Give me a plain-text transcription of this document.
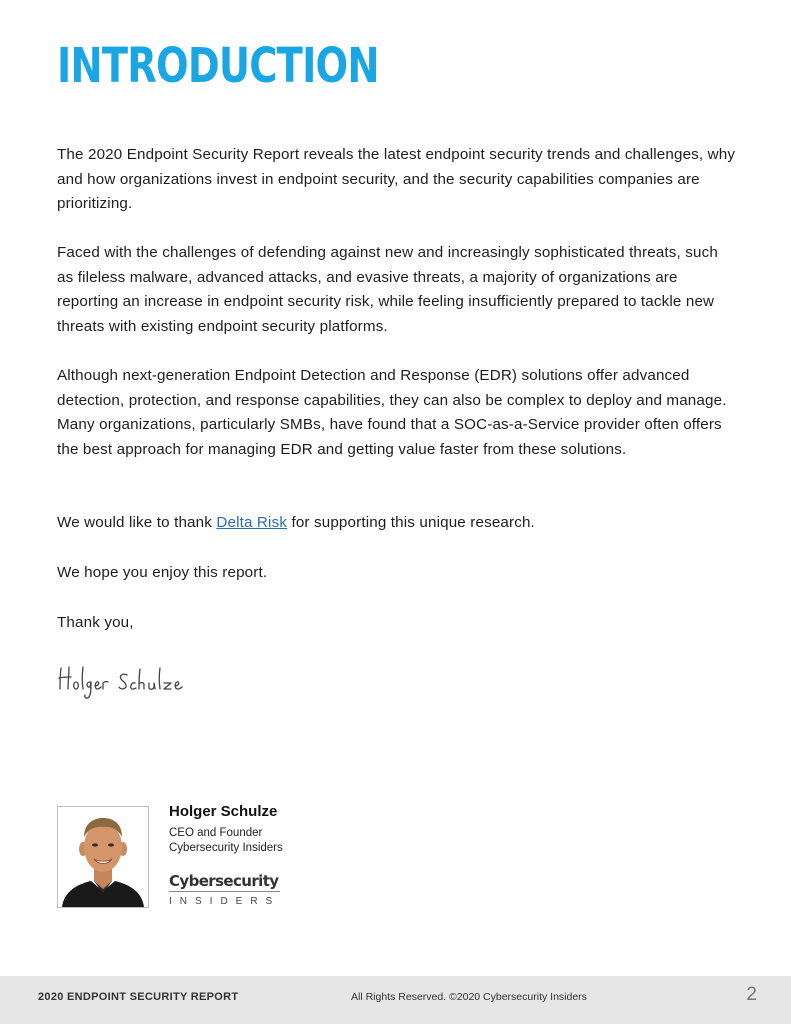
INTRODUCTION

The 2020 Endpoint Security Report reveals the latest endpoint security trends and challenges, why and how organizations invest in endpoint security, and the security capabilities companies are prioritizing.

Faced with the challenges of defending against new and increasingly sophisticated threats, such as fileless malware, advanced attacks, and evasive threats, a majority of organizations are reporting an increase in endpoint security risk, while feeling insufficiently prepared to tackle new threats with existing endpoint security platforms.

Although next-generation Endpoint Detection and Response (EDR) solutions offer advanced detection, protection, and response capabilities, they can also be complex to deploy and manage. Many organizations, particularly SMBs, have found that a SOC-as-a-Service provider often offers the best approach for managing EDR and getting value faster from these solutions.

We would like to thank Delta Risk for supporting this unique research.

We hope you enjoy this report.

Thank you,

Holger Schulze

CEO and Founder

Cybersecurity Insiders

Cybersecurity
INSIDERS
2020 ENDPOINT SECURITY REPORT	All Rights Reserved. ©2020 Cybersecurity Insiders	2
